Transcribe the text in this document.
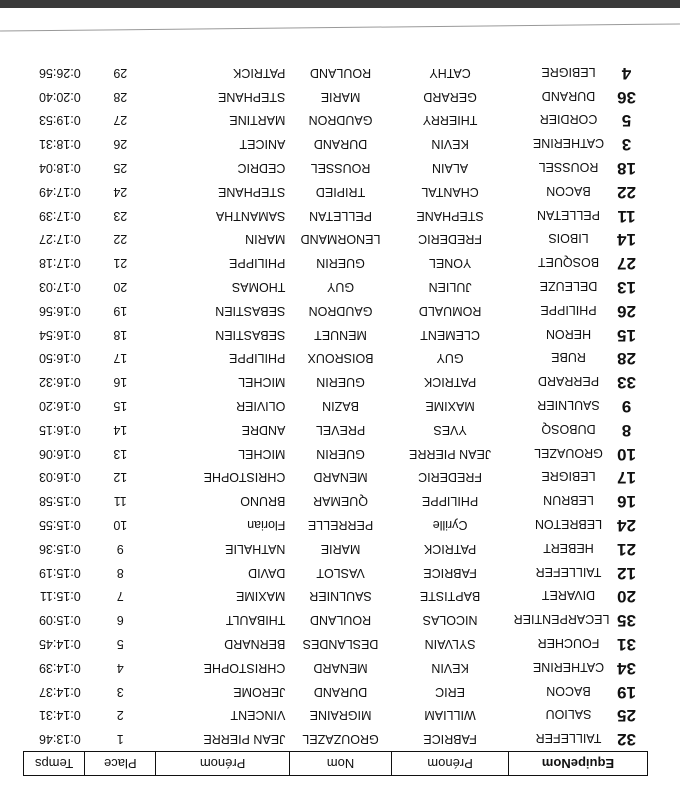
EquipeNom	Prénom	Nom	Prénom	Place	Temps
32TAILLEFER	FABRICE	GROUZAZEL	JEAN PIERRE	1	0:13:46
25SALIOU	WILLIAM	MIGRAINE	VINCENT	2	0:14:31
19BACON	ERIC	DURAND	JEROME	3	0:14:37
34CATHERINE	KEVIN	MENARD	CHRISTOPHE	4	0:14:39
31FOUCHER	SYLVAIN	DESLANDES	BERNARD	5	0:14:45
35LECARPENTIER	NICOLAS	ROULAND	THIBAULT	6	0:15:09
20DIVARET	BAPTISTE	SAULNIER	MAXIME	7	0:15:11
12TAILLEFER	FABRICE	VASLOT	DAVID	8	0:15:19
21HEBERT	PATRICK	MARIE	NATHALIE	9	0:15:36
24LEBRETON	Cyrille	PERRELLE	Florian	10	0:15:55
16LEBRUN	PHILIPPE	QUEMAR	BRUNO	11	0:15:58
17LEBIGRE	FREDERIC	MENARD	CHRISTOPHE	12	0:16:03
10GROUAZEL	JEAN PIERRE	GUERIN	MICHEL	13	0:16:06
8DUBOSQ	YVES	PREVEL	ANDRE	14	0:16:15
9SAULNIER	MAXIME	BAZIN	OLIVIER	15	0:16:20
33PERRARD	PATRICK	GUERIN	MICHEL	16	0:16:32
28RUBE	GUY	BOISROUX	PHILIPPE	17	0:16:50
15HERON	CLEMENT	MENUET	SEBASTIEN	18	0:16:54
26PHILIPPE	ROMUALD	GAUDRON	SEBASTIEN	19	0:16:56
13DELEUZE	JULIEN	GUY	THOMAS	20	0:17:03
27BOSQUET	YONEL	GUERIN	PHILIPPE	21	0:17:18
14LIBOIS	FREDERIC	LENORMAND	MARIN	22	0:17:27
11PELLETAN	STEPHANE	PELLETAN	SAMANTHA	23	0:17:39
22BACON	CHANTAL	TRIPIED	STEPHANE	24	0:17:49
18ROUSSEL	ALAIN	ROUSSEL	CEDRIC	25	0:18:04
3CATHERINE	KEVIN	DURAND	ANICET	26	0:18:31
5CORDIER	THIERRY	GAUDRON	MARTINE	27	0:19:53
36DURAND	GERARD	MARIE	STEPHANE	28	0:20:40
4LEBIGRE	CATHY	ROULAND	PATRICK	29	0:26:56
